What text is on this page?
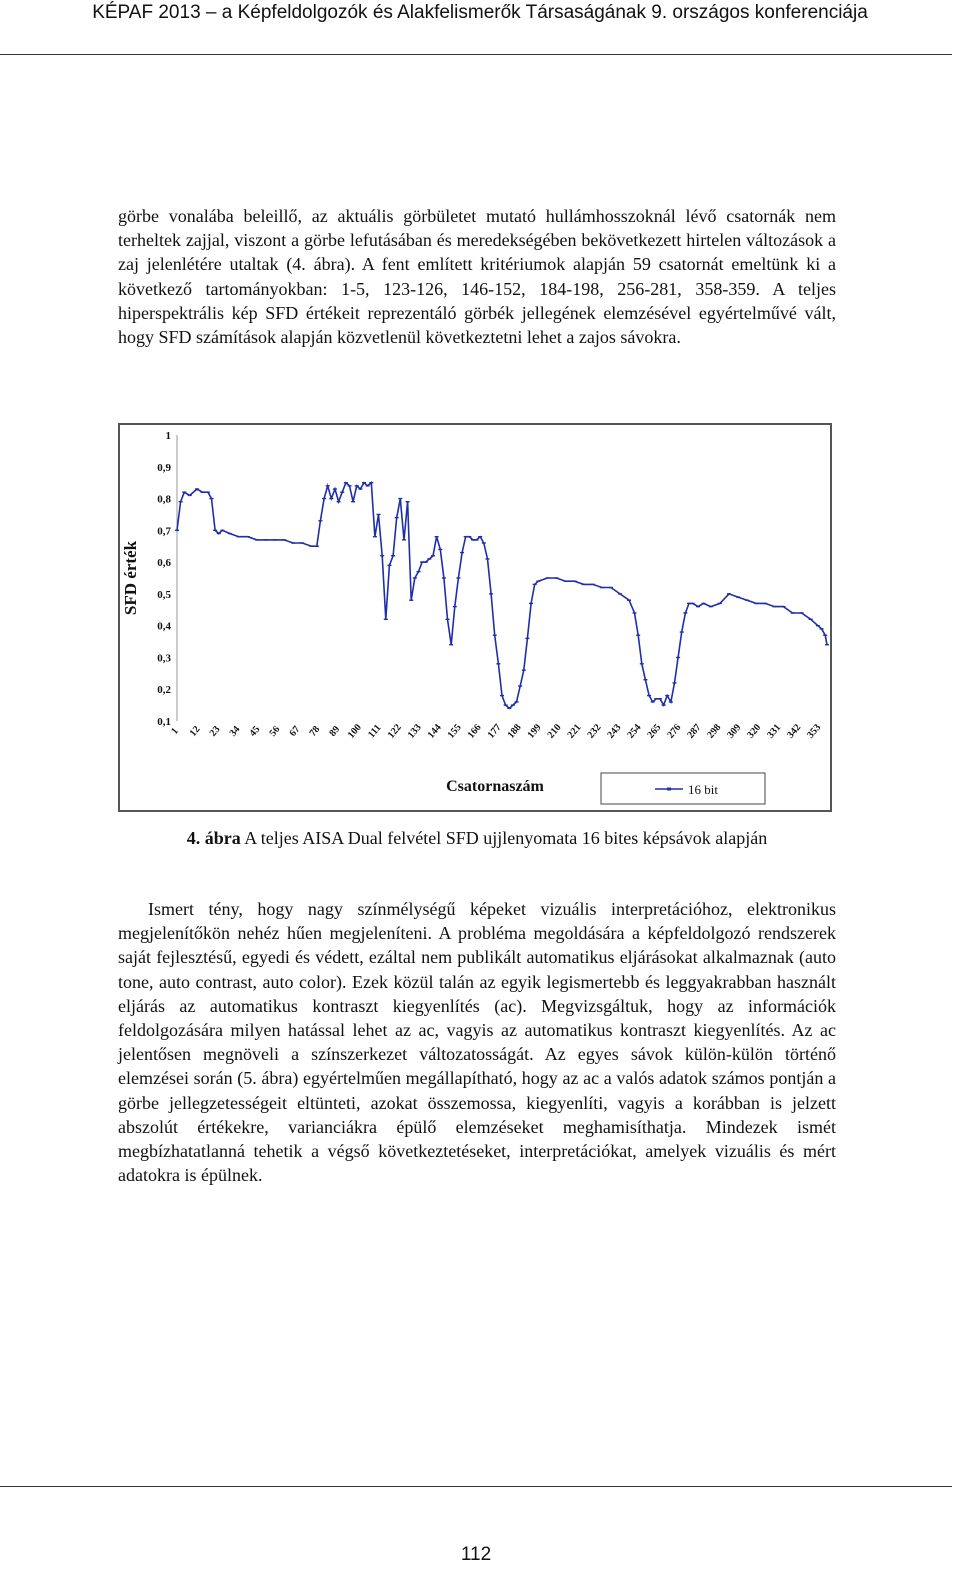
KÉPAF 2013 – a Képfeldolgozók és Alakfelismerők Társaságának 9. országos konferenciája

görbe vonalába beleillő, az aktuális görbületet mutató hullámhosszoknál lévő csatornák nem terheltek zajjal, viszont a görbe lefutásában és meredekségében bekövetkezett hirtelen változások a zaj jelenlétére utaltak (4. ábra). A fent említett kritériumok alapján 59 csatornát emeltünk ki a következő tartományokban: 1-5, 123-126, 146-152, 184-198, 256-281, 358-359. A teljes hiperspektrális kép SFD értékeit reprezentáló görbék jellegének elemzésével egyértelművé vált, hogy SFD számítások alapján közvetlenül következtetni lehet a zajos sávokra.

1
0,9
0,8
0,7
0,6
0,5
0,4
0,3
0,2
0,1
1 12 23 34 45 56 67 78 89 100 111 122 133 144 155 166 177 188 199 210 221 232 243 254 265 276 287 298 309 320 331 342 353
SFD érték
Csatornaszám	16 bit
4. ábra A teljes AISA Dual felvétel SFD ujjlenyomata 16 bites képsávok alapján

Ismert tény, hogy nagy színmélységű képeket vizuális interpretációhoz, elektronikus megjelenítőkön nehéz hűen megjeleníteni. A probléma megoldására a képfeldolgozó rendszerek saját fejlesztésű, egyedi és védett, ezáltal nem publikált automatikus eljárásokat alkalmaznak (auto tone, auto contrast, auto color). Ezek közül talán az egyik legismertebb és leggyakrabban használt eljárás az automatikus kontraszt kiegyenlítés (ac). Megvizsgáltuk, hogy az információk feldolgozására milyen hatással lehet az ac, vagyis az automatikus kontraszt kiegyenlítés. Az ac jelentősen megnöveli a színszerkezet változatosságát. Az egyes sávok külön-külön történő elemzései során (5. ábra) egyértelműen megállapítható, hogy az ac a valós adatok számos pontján a görbe jellegzetességeit eltünteti, azokat összemossa, kiegyenlíti, vagyis a korábban is jelzett abszolút értékekre, varianciákra épülő elemzéseket meghamisíthatja. Mindezek ismét megbízhatatlanná tehetik a végső következtetéseket, interpretációkat, amelyek vizuális és mért adatokra is épülnek.

112
